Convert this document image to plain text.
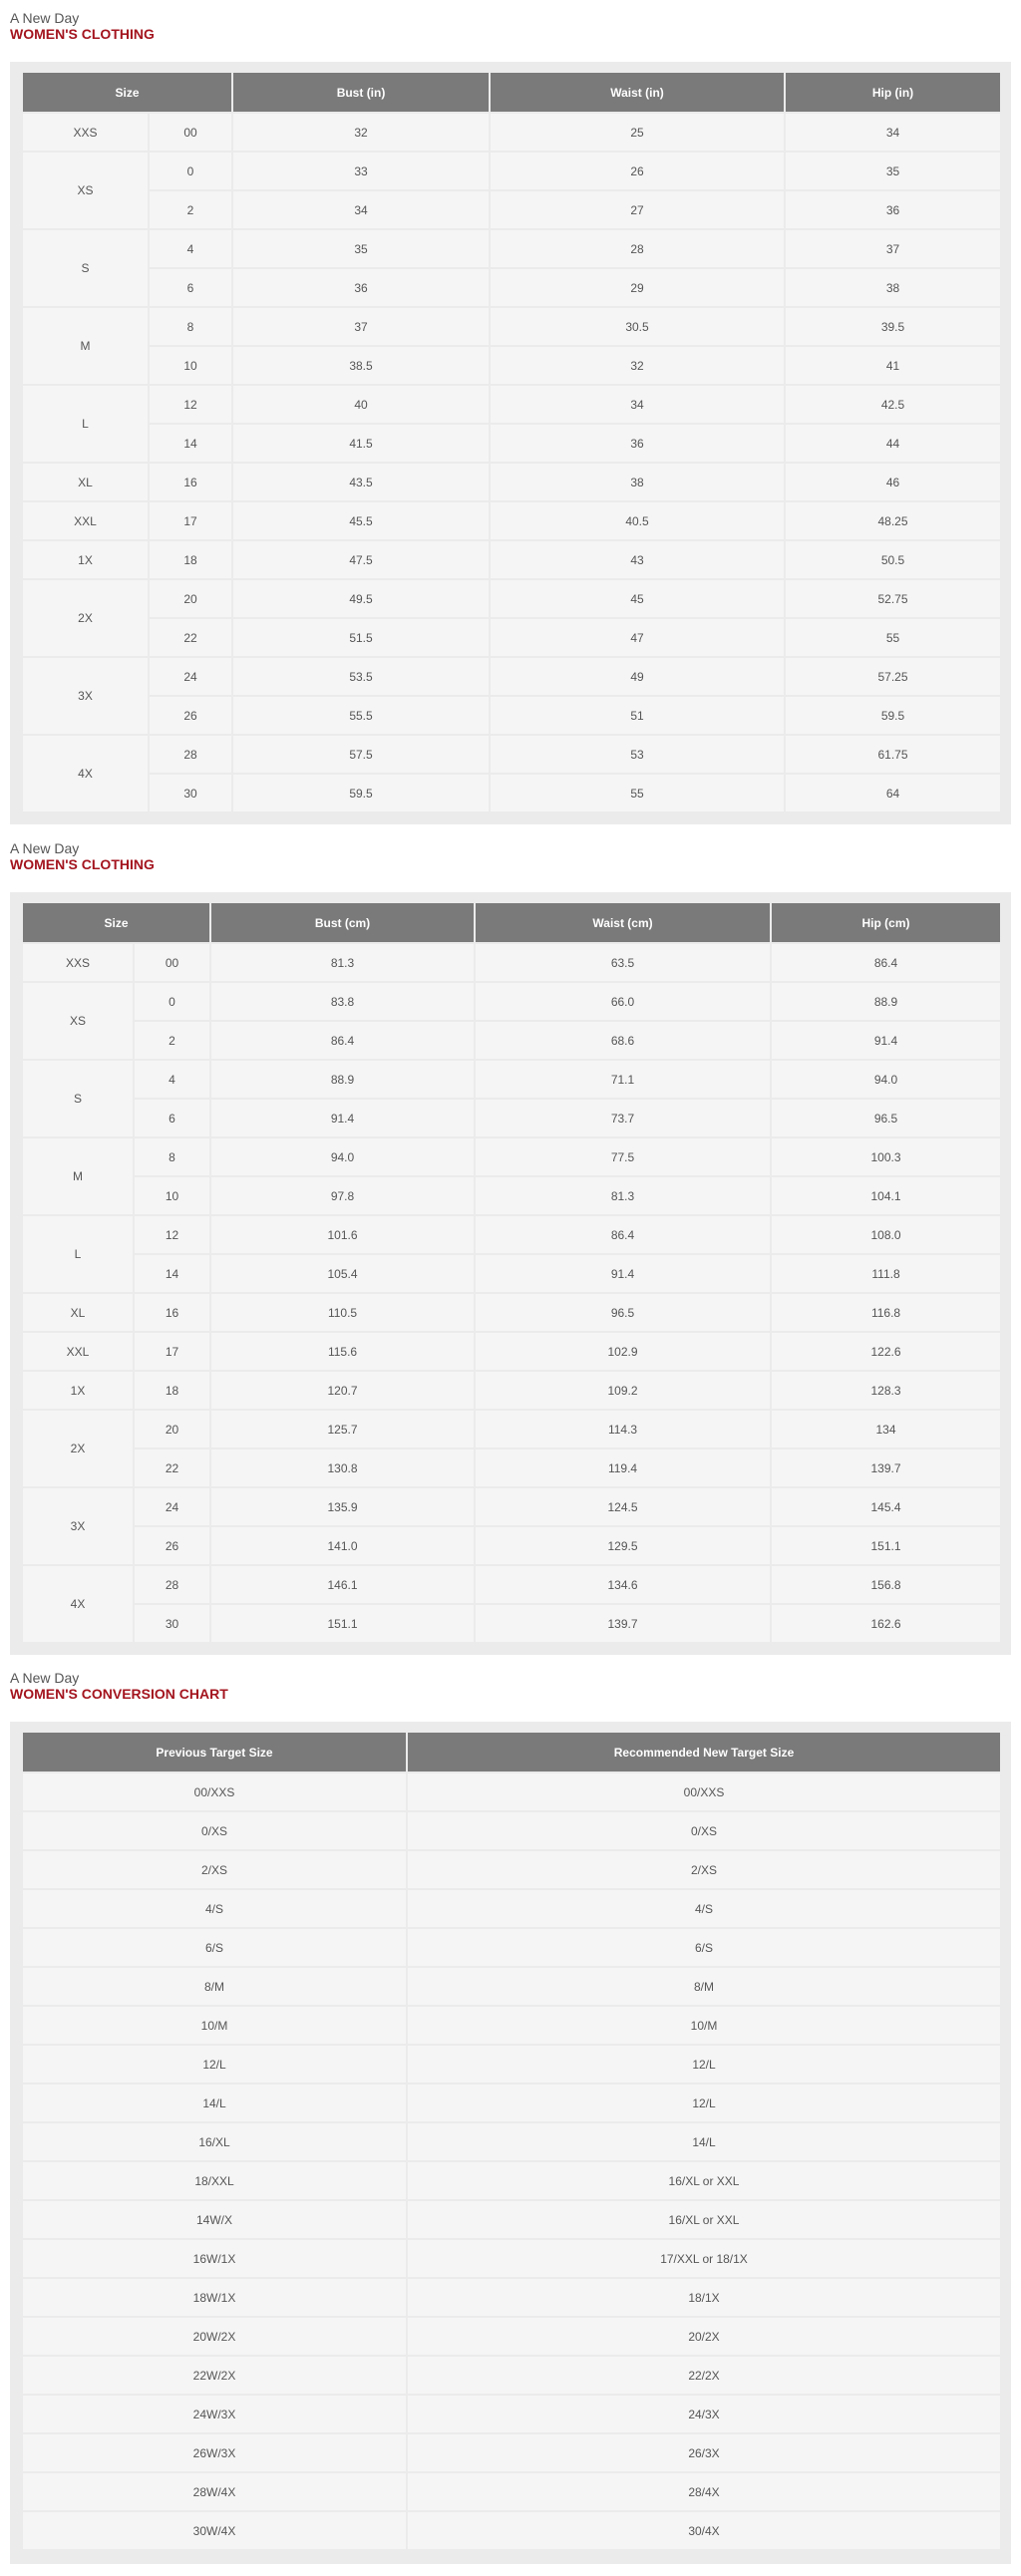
A New Day
WOMEN'S CLOTHING
Size		Bust (in)	Waist (in)	Hip (in)
XXS	00	32	25	34
XS	0	33	26	35
	2	34	27	36
S	4	35	28	37
	6	36	29	38
M	8	37	30.5	39.5
	10	38.5	32	41
L	12	40	34	42.5
	14	41.5	36	44
XL	16	43.5	38	46
XXL	17	45.5	40.5	48.25
1X	18	47.5	43	50.5
2X	20	49.5	45	52.75
	22	51.5	47	55
3X	24	53.5	49	57.25
	26	55.5	51	59.5
4X	28	57.5	53	61.75
	30	59.5	55	64
A New Day
WOMEN'S CLOTHING
Size		Bust (cm)	Waist (cm)	Hip (cm)
XXS	00	81.3	63.5	86.4
XS	0	83.8	66.0	88.9
	2	86.4	68.6	91.4
S	4	88.9	71.1	94.0
	6	91.4	73.7	96.5
M	8	94.0	77.5	100.3
	10	97.8	81.3	104.1
L	12	101.6	86.4	108.0
	14	105.4	91.4	111.8
XL	16	110.5	96.5	116.8
XXL	17	115.6	102.9	122.6
1X	18	120.7	109.2	128.3
2X	20	125.7	114.3	134
	22	130.8	119.4	139.7
3X	24	135.9	124.5	145.4
	26	141.0	129.5	151.1
4X	28	146.1	134.6	156.8
	30	151.1	139.7	162.6
A New Day
WOMEN'S CONVERSION CHART
Previous Target Size	Recommended New Target Size
00/XXS	00/XXS
0/XS	0/XS
2/XS	2/XS
4/S	4/S
6/S	6/S
8/M	8/M
10/M	10/M
12/L	12/L
14/L	12/L
16/XL	14/L
18/XXL	16/XL or XXL
14W/X	16/XL or XXL
16W/1X	17/XXL or 18/1X
18W/1X	18/1X
20W/2X	20/2X
22W/2X	22/2X
24W/3X	24/3X
26W/3X	26/3X
28W/4X	28/4X
30W/4X	30/4X
